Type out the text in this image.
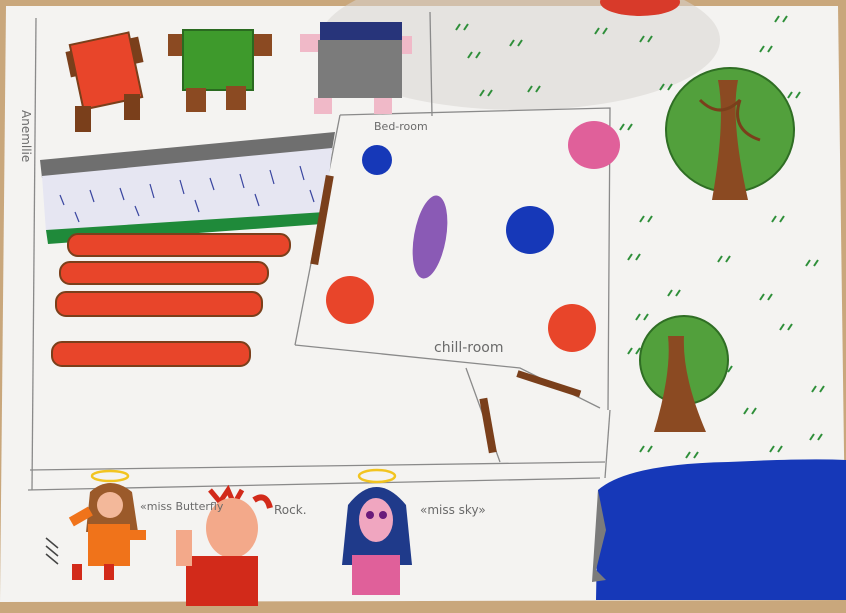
Anemllie	Bed-room
chill-room
«miss Butterfly	Rock.	«miss sky»
